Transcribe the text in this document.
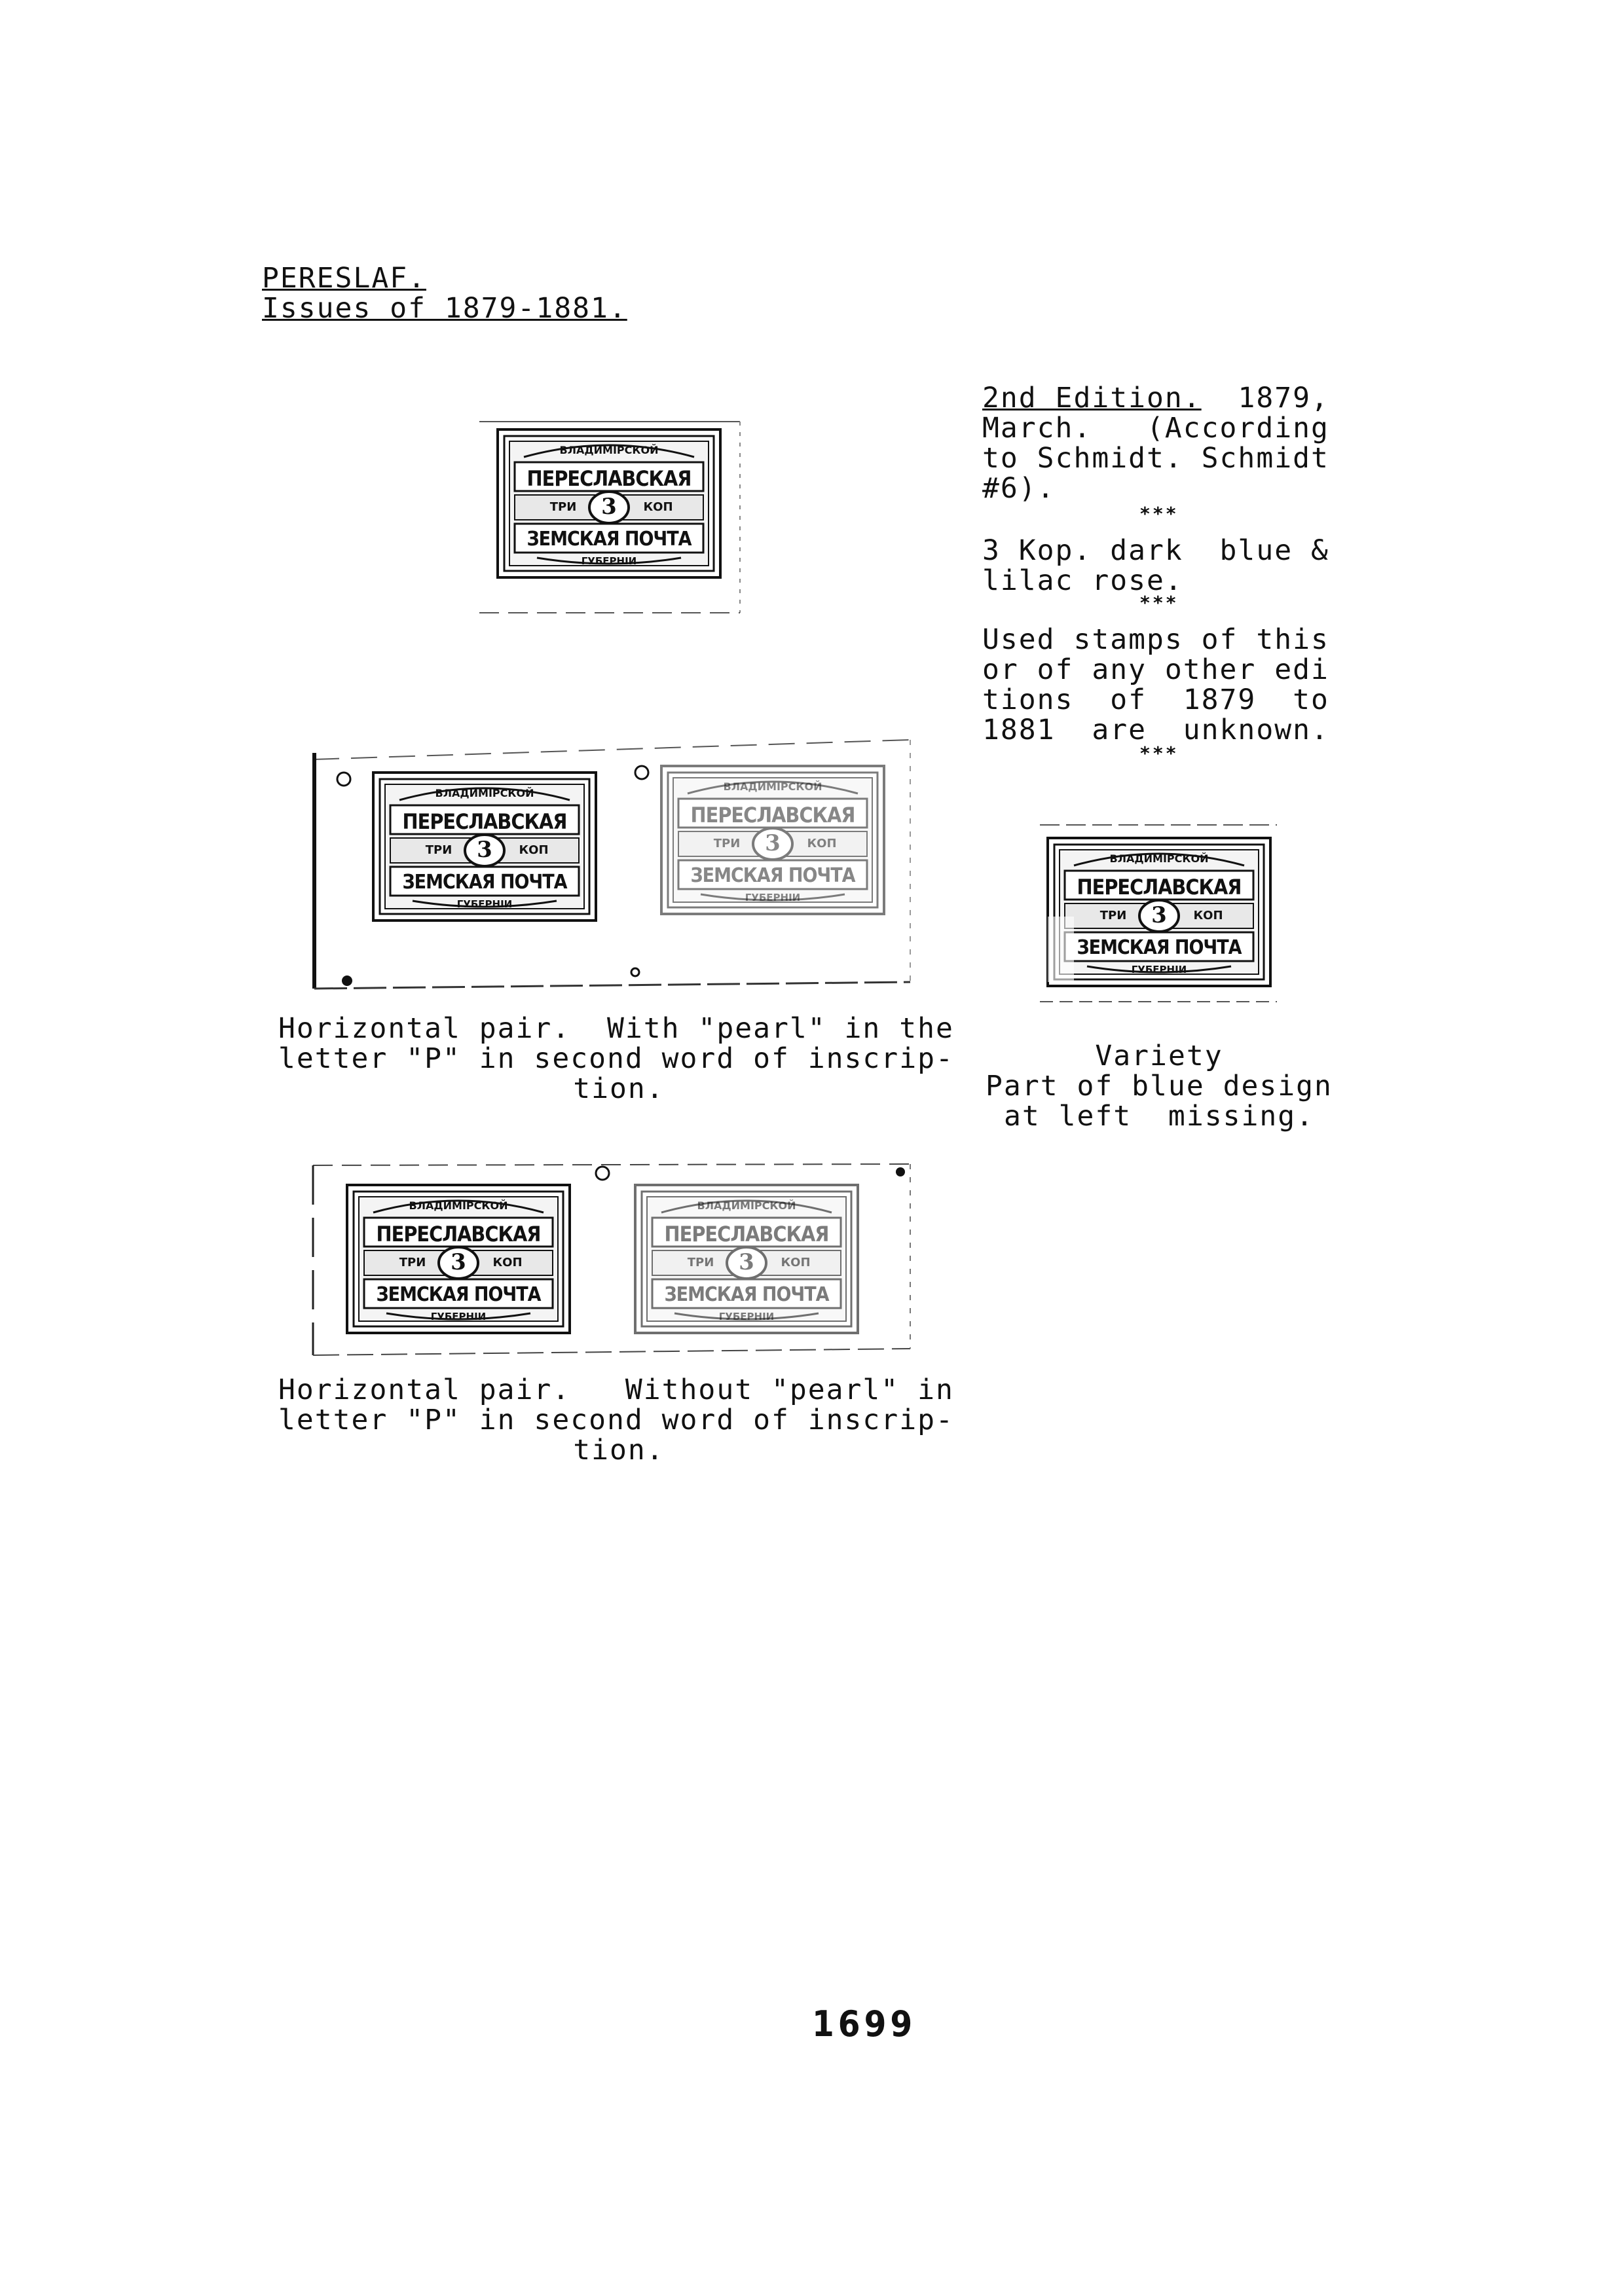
PERESLAF.
Issues of 1879-1881.
ВЛАДИМІРСКОЙ
ПЕРЕСЛАВСКАЯ
ТРИ	3	КОП
ЗЕМСКАЯ ПОЧТА
ГУБЕРНІИ
2nd Edition.  1879,
March.   (According
to Schmidt. Schmidt
#6).
***
3 Kop. dark  blue &
lilac rose.
***
Used stamps of this
or of any other edi
tions  of  1879  to
1881  are  unknown.
***
ВЛАДИМІРСКОЙ
ПЕРЕСЛАВСКАЯ
ТРИ	3	КОП
ЗЕМСКАЯ ПОЧТА
ГУБЕРНІИ
ВЛАДИМІРСКОЙ
ПЕРЕСЛАВСКАЯ
ТРИ	3	КОП
ЗЕМСКАЯ ПОЧТА
ГУБЕРНІИ
Horizontal pair.  With "pearl" in the
letter "P" in second word of inscrip-
tion.
ВЛАДИМІРСКОЙ
ПЕРЕСЛАВСКАЯ
ТРИ	3	КОП
ЗЕМСКАЯ ПОЧТА
ГУБЕРНІИ
Variety
Part of blue design
at left  missing.
ВЛАДИМІРСКОЙ
ПЕРЕСЛАВСКАЯ
ТРИ	3	КОП
ЗЕМСКАЯ ПОЧТА
ГУБЕРНІИ
ВЛАДИМІРСКОЙ
ПЕРЕСЛАВСКАЯ
ТРИ	3	КОП
ЗЕМСКАЯ ПОЧТА
ГУБЕРНІИ
Horizontal pair.   Without "pearl" in
letter "P" in second word of inscrip-
tion.
1699
